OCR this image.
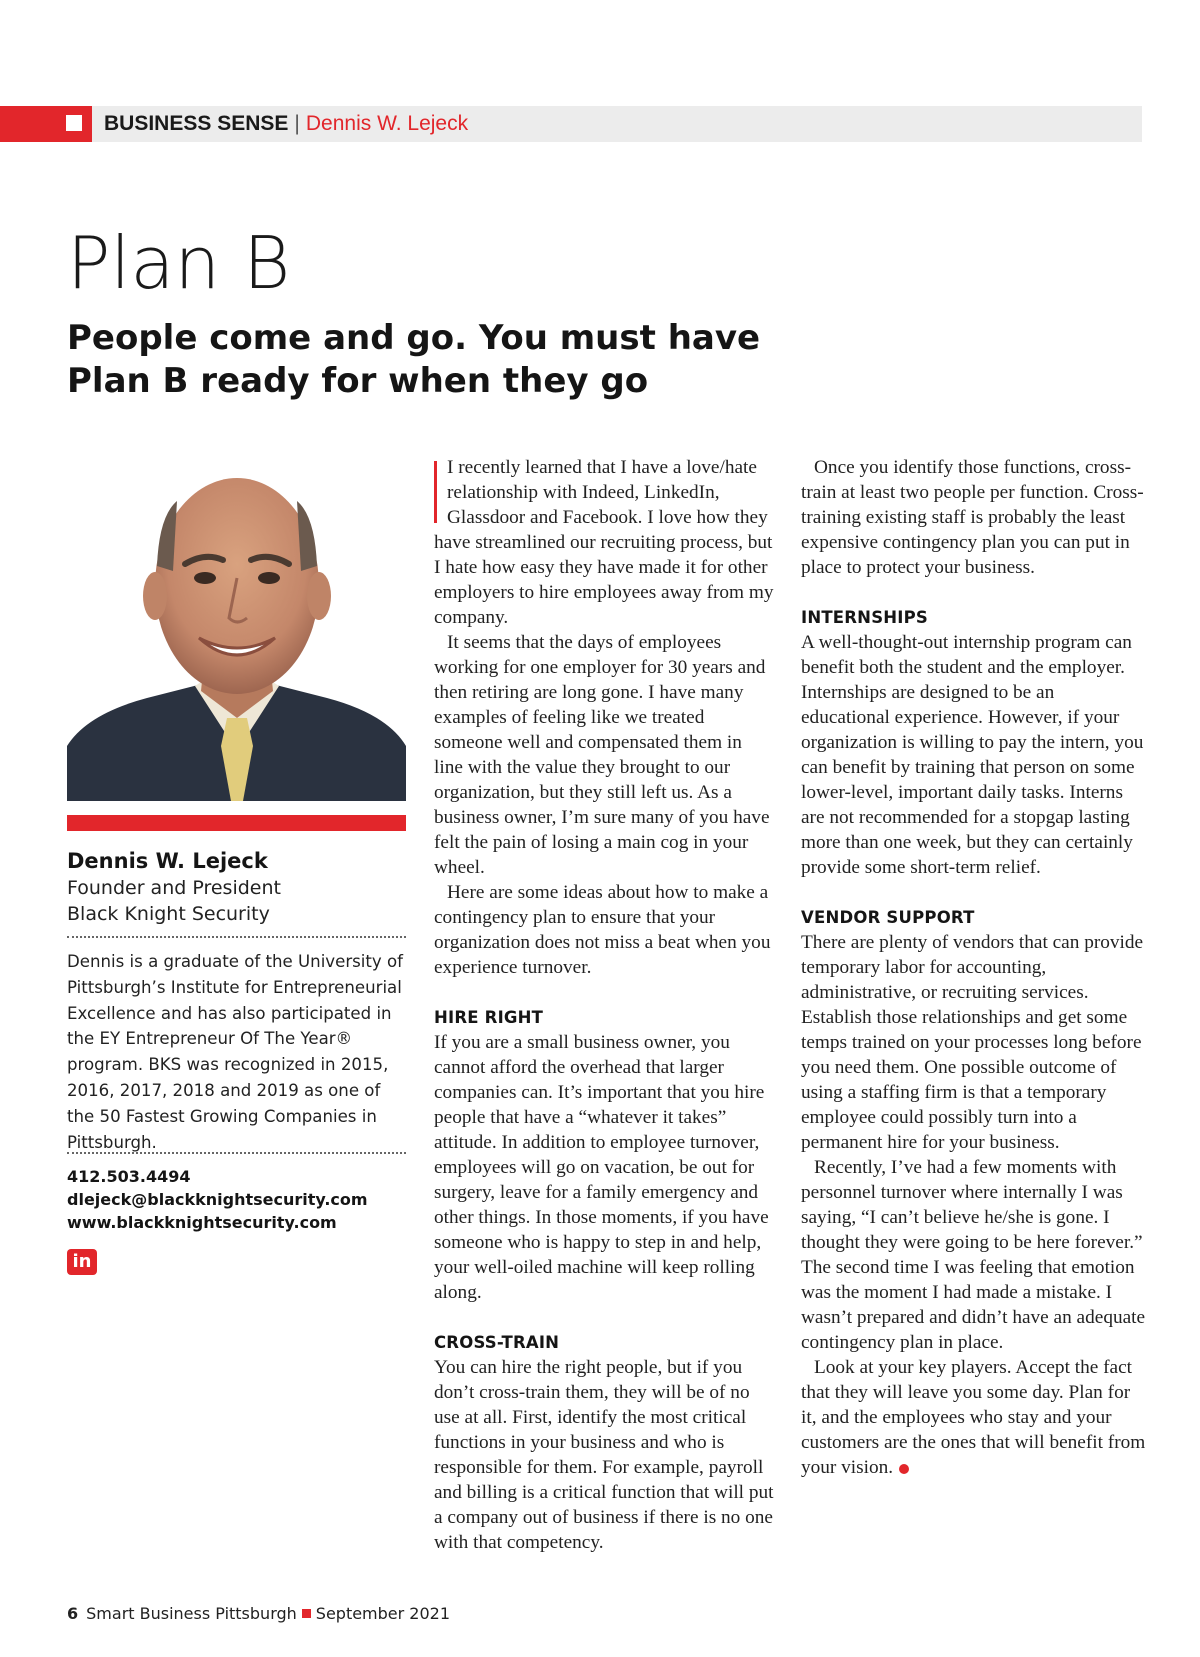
BUSINESS SENSE | Dennis W. Lejeck
Plan B
People come and go. You must have Plan B ready for when they go
Dennis W. Lejeck
Founder and President
Black Knight Security

Dennis is a graduate of the University of Pittsburgh’s Institute for Entrepreneurial Excellence and has also participated in the EY Entrepreneur Of The Year® program. BKS was recognized in 2015, 2016, 2017, 2018 and 2019 as one of the 50 Fastest Growing Companies in Pittsburgh.

412.503.4494
dlejeck@blackknightsecurity.com
www.blackknightsecurity.com
in

I recently learned that I have a love/hate relationship with Indeed, LinkedIn, Glassdoor and Facebook. I love how they have streamlined our recruiting process, but I hate how easy they have made it for other employers to hire employees away from my company.

It seems that the days of employees working for one employer for 30 years and then retiring are long gone. I have many examples of feeling like we treated someone well and compensated them in line with the value they brought to our organization, but they still left us. As a business owner, I’m sure many of you have felt the pain of losing a main cog in your wheel.

Here are some ideas about how to make a contingency plan to ensure that your organization does not miss a beat when you experience turnover.

HIRE RIGHT

If you are a small business owner, you cannot afford the overhead that larger companies can. It’s important that you hire people that have a “whatever it takes” attitude. In addition to employee turnover, employees will go on vacation, be out for surgery, leave for a family emergency and other things. In those moments, if you have someone who is happy to step in and help, your well-oiled machine will keep rolling along.

CROSS-TRAIN

You can hire the right people, but if you don’t cross-train them, they will be of no use at all. First, identify the most critical functions in your business and who is responsible for them. For example, payroll and billing is a critical function that will put a company out of business if there is no one with that competency.

Once you identify those functions, cross-train at least two people per function. Cross-training existing staff is probably the least expensive contingency plan you can put in place to protect your business.

INTERNSHIPS

A well-thought-out internship program can benefit both the student and the employer. Internships are designed to be an educational experience. However, if your organization is willing to pay the intern, you can benefit by training that person on some lower-level, important daily tasks. Interns are not recommended for a stopgap lasting more than one week, but they can certainly provide some short-term relief.

VENDOR SUPPORT

There are plenty of vendors that can provide temporary labor for accounting, administrative, or recruiting services. Establish those relationships and get some temps trained on your processes long before you need them. One possible outcome of using a staffing firm is that a temporary employee could possibly turn into a permanent hire for your business.

Recently, I’ve had a few moments with personnel turnover where internally I was saying, “I can’t believe he/she is gone. I thought they were going to be here forever.” The second time I was feeling that emotion was the moment I had made a mistake. I wasn’t prepared and didn’t have an adequate contingency plan in place.

Look at your key players. Accept the fact that they will leave you some day. Plan for it, and the employees who stay and your customers are the ones that will benefit from your vision.

6 Smart Business Pittsburgh September 2021
